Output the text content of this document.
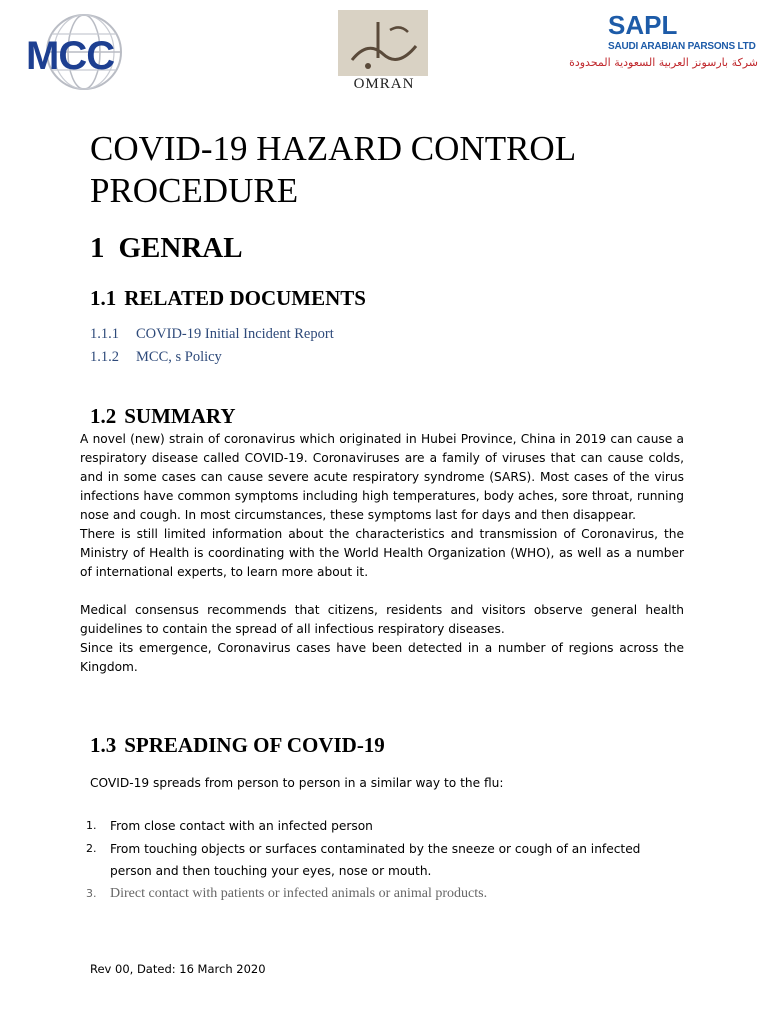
MCC
OMRAN
SAPL
SAUDI ARABIAN PARSONS LTD
شركة بارسونز العربية السعودية المحدودة
COVID-19 HAZARD CONTROL PROCEDURE
1 GENRAL
1.1 RELATED DOCUMENTS
1.1.1 COVID-19 Initial Incident Report
1.1.2 MCC, s Policy
1.2 SUMMARY

A novel (new) strain of coronavirus which originated in Hubei Province, China in 2019 can cause a respiratory disease called COVID-19. Coronaviruses are a family of viruses that can cause colds, and in some cases can cause severe acute respiratory syndrome (SARS). Most cases of the virus infections have common symptoms including high temperatures, body aches, sore throat, running nose and cough. In most circumstances, these symptoms last for days and then disappear.

There is still limited information about the characteristics and transmission of Coronavirus, the Ministry of Health is coordinating with the World Health Organization (WHO), as well as a number of international experts, to learn more about it.

Medical consensus recommends that citizens, residents and visitors observe general health guidelines to contain the spread of all infectious respiratory diseases.

Since its emergence, Coronavirus cases have been detected in a number of regions across the Kingdom.

1.3 SPREADING OF COVID-19
COVID-19 spreads from person to person in a similar way to the flu:
1. From close contact with an infected person
2. From touching objects or surfaces contaminated by the sneeze or cough of an infected person and then touching your eyes, nose or mouth.
3. Direct contact with patients or infected animals or animal products.
Rev 00, Dated: 16 March 2020
